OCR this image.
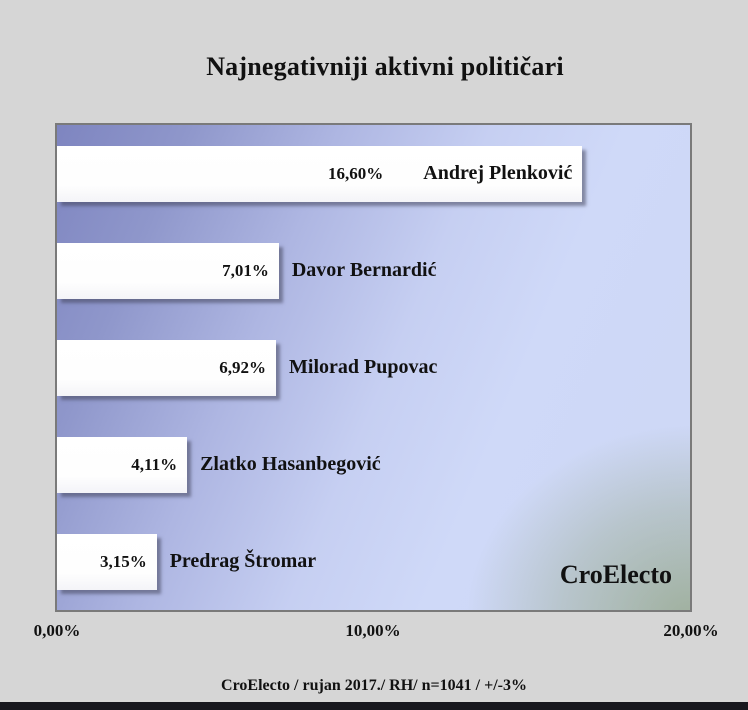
Najnegativniji aktivni političari
16,60% Andrej Plenković
7,01% Davor Bernardić
6,92% Milorad Pupovac
4,11% Zlatko Hasanbegović
3,15% Predrag Štromar	CroElecto
0,00%	10,00%	20,00%
CroElecto / rujan 2017./ RH/ n=1041 / +/-3%
